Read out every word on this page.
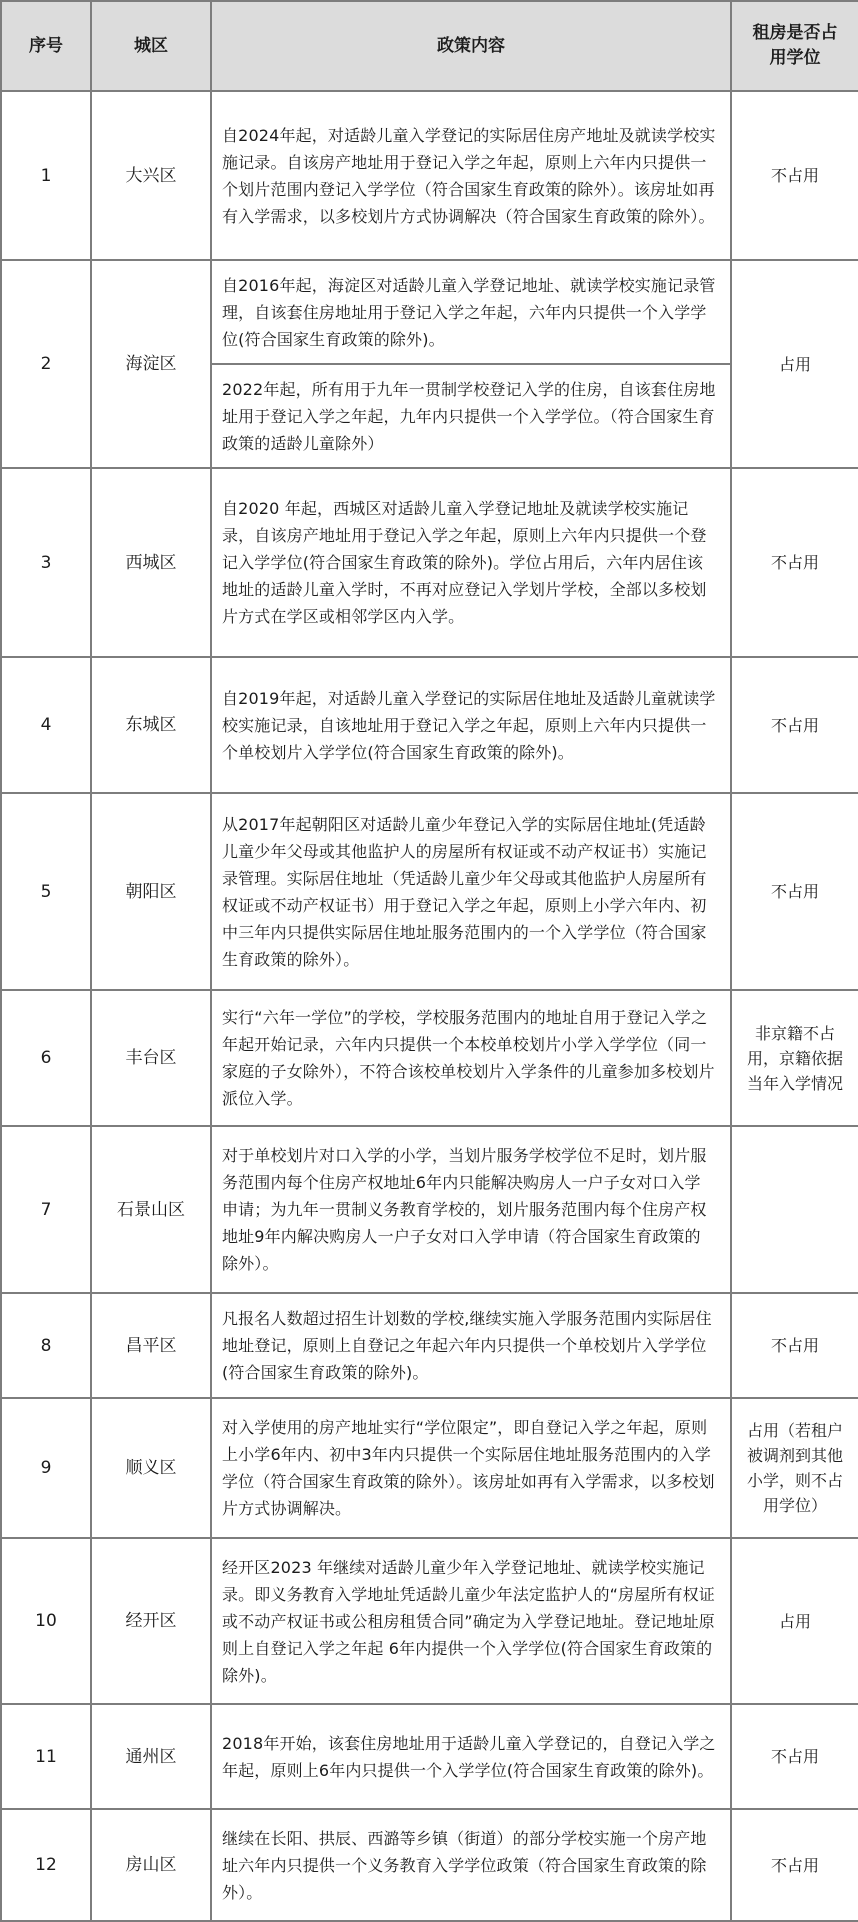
序号	城区	政策内容	租房是否占用学位
1	大兴区	自2024年起，对适龄儿童入学登记的实际居住房产地址及就读学校实施记录。自该房产地址用于登记入学之年起，原则上六年内只提供一个划片范围内登记入学学位（符合国家生育政策的除外）。该房址如再有入学需求，以多校划片方式协调解决（符合国家生育政策的除外）。	不占用
2	海淀区	自2016年起，海淀区对适龄儿童入学登记地址、就读学校实施记录管理，自该套住房地址用于登记入学之年起，六年内只提供一个入学学位(符合国家生育政策的除外)。	占用
		2022年起，所有用于九年一贯制学校登记入学的住房，自该套住房地址用于登记入学之年起，九年内只提供一个入学学位。（符合国家生育政策的适龄儿童除外）	
3	西城区	自2020 年起，西城区对适龄儿童入学登记地址及就读学校实施记录，自该房产地址用于登记入学之年起，原则上六年内只提供一个登记入学学位(符合国家生育政策的除外)。学位占用后，六年内居住该地址的适龄儿童入学时，不再对应登记入学划片学校，全部以多校划片方式在学区或相邻学区内入学。	不占用
4	东城区	自2019年起，对适龄儿童入学登记的实际居住地址及适龄儿童就读学校实施记录，自该地址用于登记入学之年起，原则上六年内只提供一个单校划片入学学位(符合国家生育政策的除外)。	不占用
5	朝阳区	从2017年起朝阳区对适龄儿童少年登记入学的实际居住地址(凭适龄儿童少年父母或其他监护人的房屋所有权证或不动产权证书）实施记录管理。实际居住地址（凭适龄儿童少年父母或其他监护人房屋所有权证或不动产权证书）用于登记入学之年起，原则上小学六年内、初中三年内只提供实际居住地址服务范围内的一个入学学位（符合国家生育政策的除外）。	不占用
6	丰台区	实行“六年一学位”的学校，学校服务范围内的地址自用于登记入学之年起开始记录，六年内只提供一个本校单校划片小学入学学位（同一家庭的子女除外），不符合该校单校划片入学条件的儿童参加多校划片派位入学。	非京籍不占用，京籍依据当年入学情况
7	石景山区	对于单校划片对口入学的小学，当划片服务学校学位不足时，划片服务范围内每个住房产权地址6年内只能解决购房人一户子女对口入学申请；为九年一贯制义务教育学校的，划片服务范围内每个住房产权地址9年内解决购房人一户子女对口入学申请（符合国家生育政策的除外）。	
8	昌平区	凡报名人数超过招生计划数的学校,继续实施入学服务范围内实际居住地址登记，原则上自登记之年起六年内只提供一个单校划片入学学位(符合国家生育政策的除外)。	不占用
9	顺义区	对入学使用的房产地址实行“学位限定”，即自登记入学之年起，原则上小学6年内、初中3年内只提供一个实际居住地址服务范围内的入学学位（符合国家生育政策的除外）。该房址如再有入学需求，以多校划片方式协调解决。	占用（若租户被调剂到其他小学，则不占用学位）
10	经开区	经开区2023 年继续对适龄儿童少年入学登记地址、就读学校实施记录。即义务教育入学地址凭适龄儿童少年法定监护人的“房屋所有权证或不动产权证书或公租房租赁合同”确定为入学登记地址。登记地址原则上自登记入学之年起 6年内提供一个入学学位(符合国家生育政策的除外)。	占用
11	通州区	2018年开始，该套住房地址用于适龄儿童入学登记的，自登记入学之年起，原则上6年内只提供一个入学学位(符合国家生育政策的除外)。	不占用
12	房山区	继续在长阳、拱辰、西潞等乡镇（街道）的部分学校实施一个房产地址六年内只提供一个义务教育入学学位政策（符合国家生育政策的除外）。	不占用
